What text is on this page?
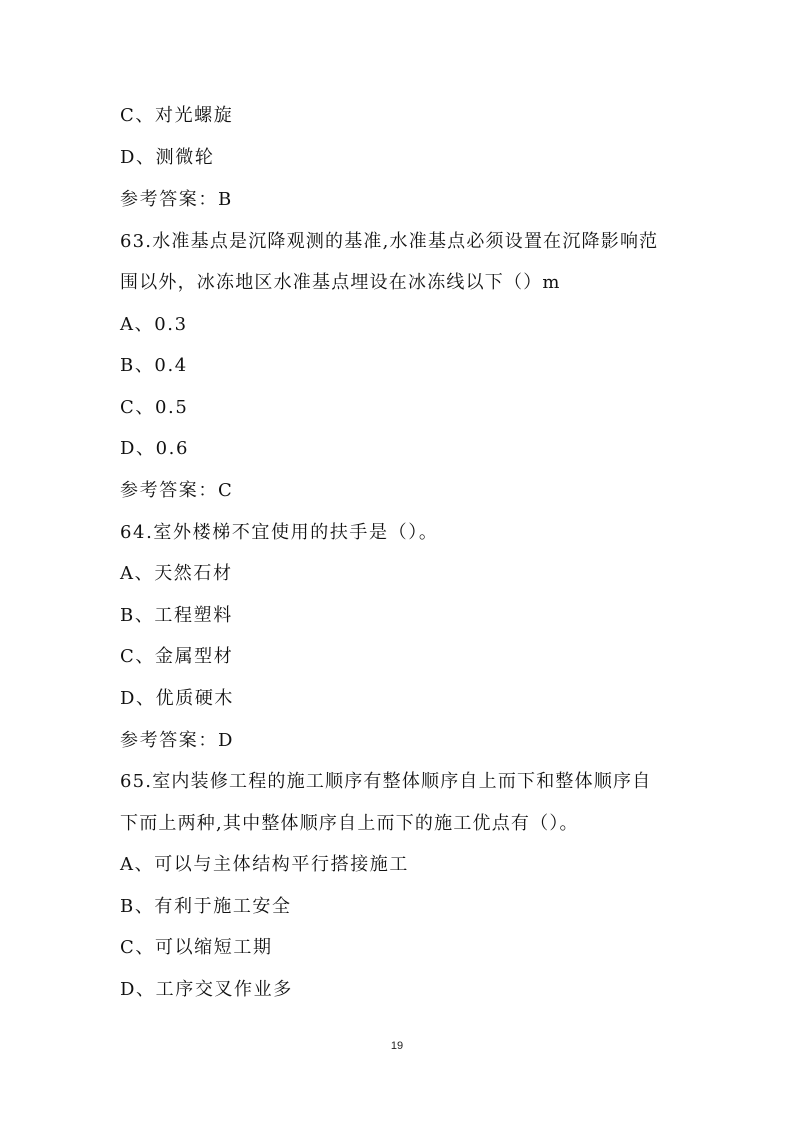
C、对光螺旋
D、测微轮
参考答案：B
63.水准基点是沉降观测的基准,水准基点必须设置在沉降影响范
围以外，冰冻地区水准基点埋设在冰冻线以下（）m
A、0.3
B、0.4
C、0.5
D、0.6
参考答案：C
64.室外楼梯不宜使用的扶手是（）。
A、天然石材
B、工程塑料
C、金属型材
D、优质硬木
参考答案：D
65.室内装修工程的施工顺序有整体顺序自上而下和整体顺序自
下而上两种,其中整体顺序自上而下的施工优点有（）。
A、可以与主体结构平行搭接施工
B、有利于施工安全
C、可以缩短工期
D、工序交叉作业多
19
